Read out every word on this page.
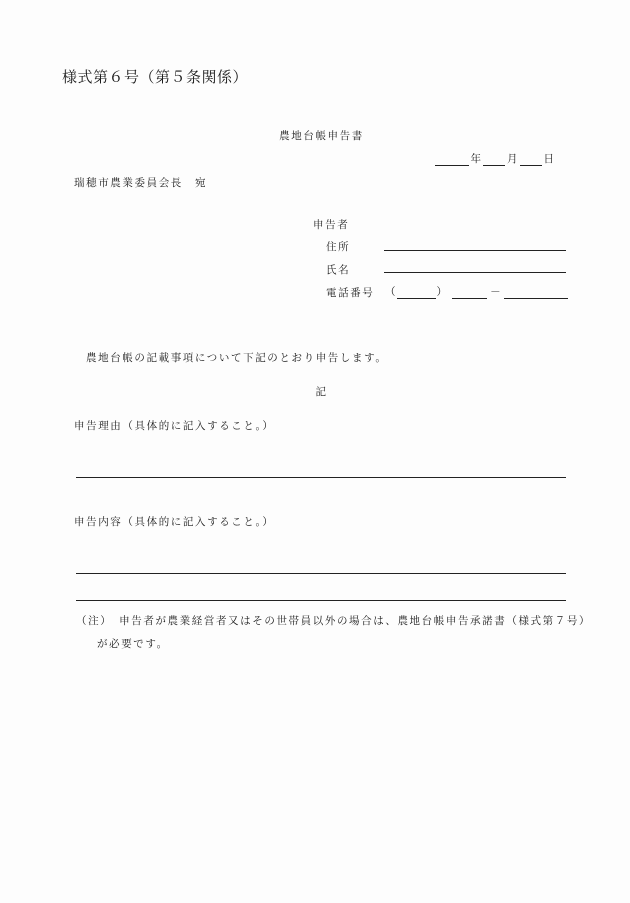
様式第６号（第５条関係）
農地台帳申告書
年 月 日
瑞穂市農業委員会長　宛
申告者
住所
氏名
電話番号 （	）	－
農地台帳の記載事項について下記のとおり申告します。
記
申告理由（具体的に記入すること。）
申告内容（具体的に記入すること。）
（注）　申告者が農業経営者又はその世帯員以外の場合は、農地台帳申告承諾書（様式第７号）
が必要です。
